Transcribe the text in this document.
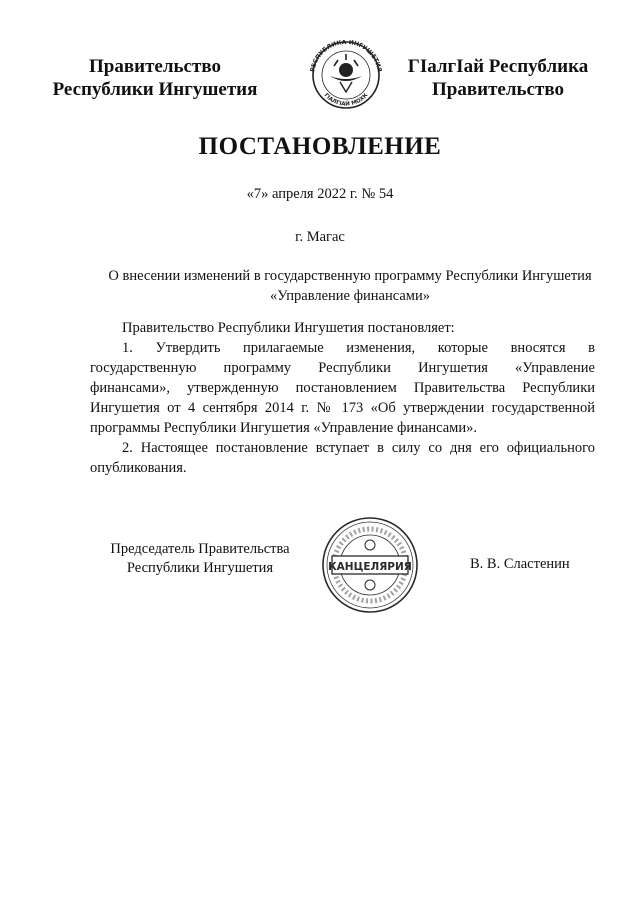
Правительство
Республики Ингушетия
РЕСПУБЛИКА ИНГУШЕТИЯ
ГIАЛГIАЙ МОХК
ГIалгIай Республика
Правительство
ПОСТАНОВЛЕНИЕ
«7» апреля 2022 г. № 54
г. Магас
О внесении изменений в государственную программу Республики Ингушетия
«Управление финансами»

Правительство Республики Ингушетия постановляет:

1. Утвердить прилагаемые изменения, которые вносятся в
государственную программу Республики Ингушетия «Управление
финансами», утвержденную постановлением Правительства Республики
Ингушетия от 4 сентября 2014 г. № 173 «Об утверждении государственной
программы Республики Ингушетия «Управление финансами».
2. Настоящее постановление вступает в силу со дня его официального
опубликования.
Председатель Правительства
Республики Ингушетия	КАНЦЕЛЯРИЯ	В. В. Сластенин
